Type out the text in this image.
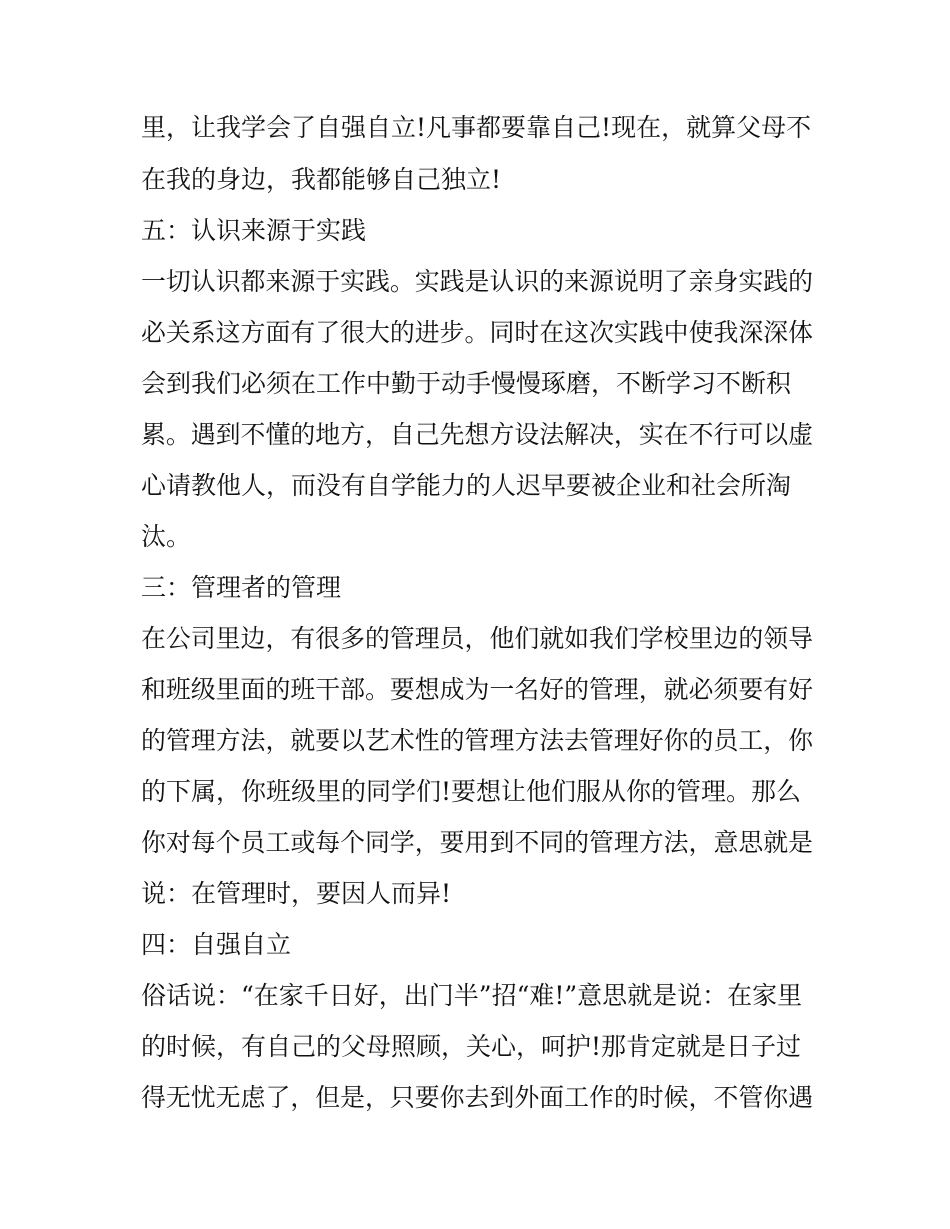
里，让我学会了自强自立!凡事都要靠自己!现在，就算父母不
在我的身边，我都能够自己独立!
五：认识来源于实践
一切认识都来源于实践。实践是认识的来源说明了亲身实践的
必关系这方面有了很大的进步。同时在这次实践中使我深深体
会到我们必须在工作中勤于动手慢慢琢磨，不断学习不断积
累。遇到不懂的地方，自己先想方设法解决，实在不行可以虚
心请教他人，而没有自学能力的人迟早要被企业和社会所淘
汰。
三：管理者的管理
在公司里边，有很多的管理员，他们就如我们学校里边的领导
和班级里面的班干部。要想成为一名好的管理，就必须要有好
的管理方法，就要以艺术性的管理方法去管理好你的员工，你
的下属，你班级里的同学们!要想让他们服从你的管理。那么
你对每个员工或每个同学，要用到不同的管理方法，意思就是
说：在管理时，要因人而异!
四：自强自立
俗话说：“在家千日好，出门半”招“难!”意思就是说：在家里
的时候，有自己的父母照顾，关心，呵护!那肯定就是日子过
得无忧无虑了，但是，只要你去到外面工作的时候，不管你遇
